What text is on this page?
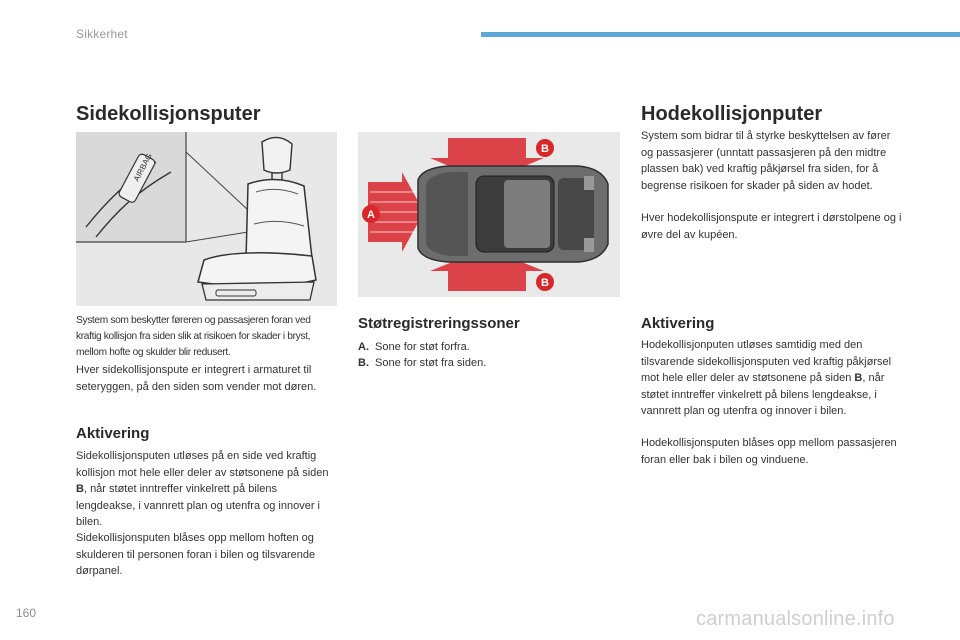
Sikkerhet
Sidekollisjonsputer
AIRBAG

System som beskytter føreren og passasjeren foran ved kraftig kollisjon fra siden slik at risikoen for skader i bryst, mellom hofte og skulder blir redusert.

Hver sidekollisjonspute er integrert i armaturet til seteryggen, på den siden som vender mot døren.

Aktivering

Sidekollisjonsputen utløses på en side ved kraftig kollisjon mot hele eller deler av støtsonene på siden B, når støtet inntreffer vinkelrett på bilens lengdeakse, i vannrett plan og utenfra og innover i bilen.

Sidekollisjonsputen blåses opp mellom hoften og skulderen til personen foran i bilen og tilsvarende dørpanel.

A
B
B
Støtregistreringssoner
A. Sone for støt forfra.
B. Sone for støt fra siden.
Hodekollisjonputer

System som bidrar til å styrke beskyttelsen av fører og passasjerer (unntatt passasjeren på den midtre plassen bak) ved kraftig påkjørsel fra siden, for å begrense risikoen for skader på siden av hodet.

Hver hodekollisjonspute er integrert i dørstolpene og i øvre del av kupéen.

Aktivering

Hodekollisjonputen utløses samtidig med den tilsvarende sidekollisjonsputen ved kraftig påkjørsel mot hele eller deler av støtsonene på siden B, når støtet inntreffer vinkelrett på bilens lengdeakse, i vannrett plan og utenfra og innover i bilen.

Hodekollisjonsputen blåses opp mellom passasjeren foran eller bak i bilen og vinduene.

160	carmanualsonline.info
